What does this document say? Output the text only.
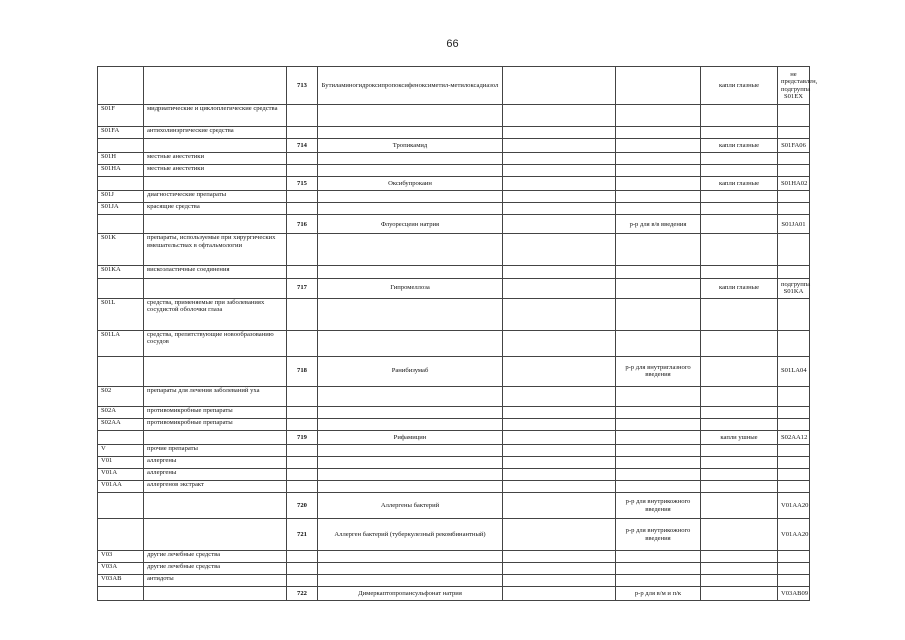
66
		713	Бутиламиногидроксипропоксифеноксиметил-метилоксадиазол			капли глазные	не представлен, подгруппа S01EX
S01F	мидриатические и циклоплегические средства						
S01FA	антихолинэргические средства						
		714	Тропикамид			капли глазные	S01FA06
S01H	местные анестетики						
S01HA	местные анестетики						
		715	Оксибупрокаин			капли глазные	S01HA02
S01J	диагностические препараты						
S01JA	красящие средства						
		716	Флуоресцеин натрия		р-р для в/в введения		S01JA01
S01K	препараты, используемые при хирургических вмешательствах в офтальмологии						
S01KA	вискоэластичные соединения						
		717	Гипромеллоза			капли глазные	подгруппа S01KA
S01L	средства, применяемые при заболеваниях сосудистой оболочки глаза						
S01LA	средства, препятствующие новообразованию сосудов						
		718	Ранибизумаб		р-р для внутриглазного введения		S01LA04
S02	препараты для лечения заболеваний уха						
S02A	противомикробные препараты						
S02AA	противомикробные препараты						
		719	Рифамицин			капли ушные	S02AA12
V	прочие препараты						
V01	аллергены						
V01A	аллергены						
V01AA	аллергенов экстракт						
		720	Аллергены бактерий		р-р для внутрикожного введения		V01AA20
		721	Аллерген бактерий (туберкулезный рекомбинантный)		р-р для внутрикожного введения		V01AA20
V03	другие лечебные средства						
V03A	другие лечебные средства						
V03AB	антидоты						
		722	Димеркаптопропансульфонат натрия		р-р для в/м и п/к		V03AB09
